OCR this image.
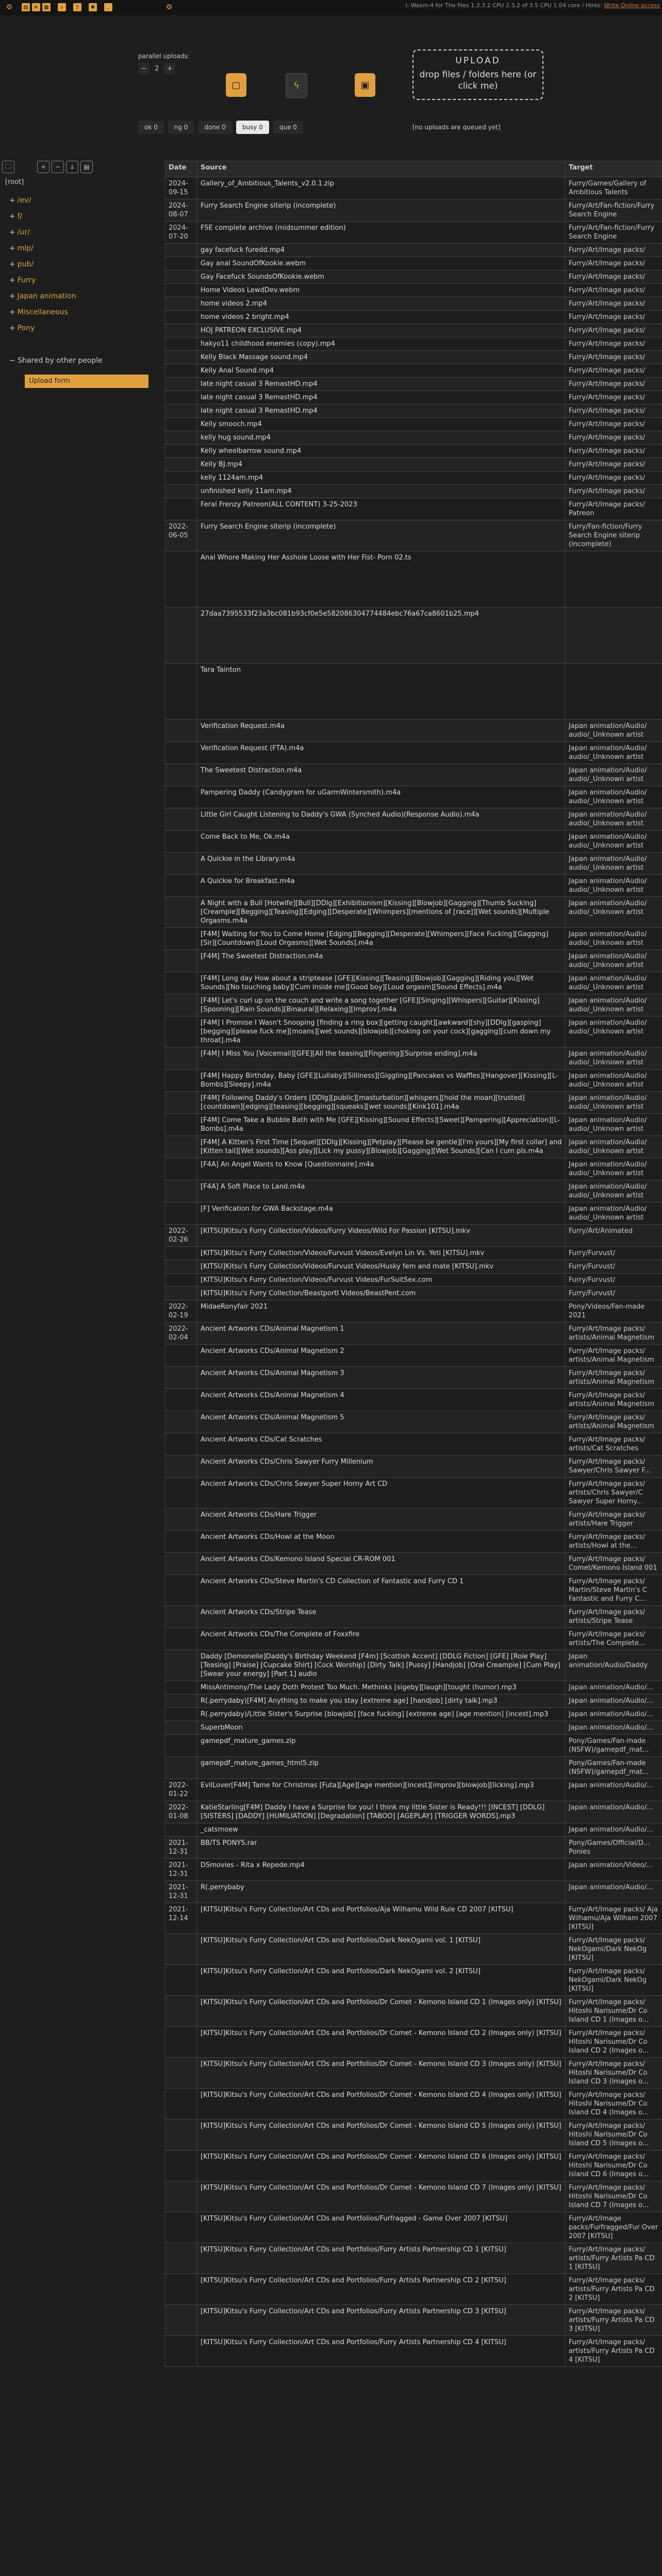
⚙	▤	≡	▦	⌕	⇧	✱	🔒	⚙	I: Wasm-4 for The files 1.3.3.2 CPU 2.3.2 of 3.5 CPU 1.04 core / Hints: Write Online access
parallel uploads:
−	2	+
▢	ϟ	▣
UPLOAD
drop files / folders here (or click me)
ok 0	ng 0	done 0	busy 0	que 0	[no uploads are queued yet]
🗀	+	−	↓	▤
[root]
+ /ev/
+ f/
+ /ur/
+ mlp/
+ pub/
+ Furry
+ Japan animation
+ Miscellaneous
+ Pony
− Shared by other people
Upload form
Date	Source	Target
2024-09-15	Gallery_of_Ambitious_Talents_v2.0.1.zip	Furry/Games/Gallery of Ambitious Talents
2024-08-07	Furry Search Engine siterip (incomplete)	Furry/Art/Fan-fiction/Furry Search Engine
2024-07-20	FSE complete archive (midsummer edition)	Furry/Art/Fan-fiction/Furry Search Engine
	gay facefuck furedd.mp4	Furry/Art/Image packs/
	Gay anal SoundOfKookie.webm	Furry/Art/Image packs/
	Gay Facefuck SoundsOfKookie.webm	Furry/Art/Image packs/
	Home Videos LewdDev.webm	Furry/Art/Image packs/
	home videos 2.mp4	Furry/Art/Image packs/
	home videos 2 bright.mp4	Furry/Art/Image packs/
	HOJ PATREON EXCLUSIVE.mp4	Furry/Art/Image packs/
	hakyo11 childhood enemies (copy).mp4	Furry/Art/Image packs/
	Kelly Black Massage sound.mp4	Furry/Art/Image packs/
	Kelly Anal Sound.mp4	Furry/Art/Image packs/
	late night casual 3 RemastHD.mp4	Furry/Art/Image packs/
	late night casual 3 RemastHD.mp4	Furry/Art/Image packs/
	late night casual 3 RemastHD.mp4	Furry/Art/Image packs/
	Kelly smooch.mp4	Furry/Art/Image packs/
	kelly hug sound.mp4	Furry/Art/Image packs/
	Kelly wheelbarrow sound.mp4	Furry/Art/Image packs/
	Kelly BJ.mp4	Furry/Art/Image packs/
	kelly 1124am.mp4	Furry/Art/Image packs/
	unfinished kelly 11am.mp4	Furry/Art/Image packs/
	Feral Frenzy Patreon(ALL CONTENT) 3-25-2023	Furry/Art/Image packs/ Patreon
2022-06-05	Furry Search Engine siterip (incomplete)	Furry/Fan-fiction/Furry Search Engine siterip (incomplete)
	Anal Whore Making Her Asshole Loose with Her Fist- Porn 02.ts	
	27daa7395533f23a3bc081b93cf0e5e582086304774484ebc76a67ca8601b25.mp4	
	Tara Tainton	
	Verification Request.m4a	Japan animation/Audio/ audio/_Unknown artist
	Verification Request (FTA).m4a	Japan animation/Audio/ audio/_Unknown artist
	The Sweetest Distraction.m4a	Japan animation/Audio/ audio/_Unknown artist
	Pampering Daddy (Candygram for uGarmWintersmith).m4a	Japan animation/Audio/ audio/_Unknown artist
	Little Girl Caught Listening to Daddy's GWA (Synched Audio)(Response Audio).m4a	Japan animation/Audio/ audio/_Unknown artist
	Come Back to Me, Ok.m4a	Japan animation/Audio/ audio/_Unknown artist
	A Quickie in the Library.m4a	Japan animation/Audio/ audio/_Unknown artist
	A Quickie for Breakfast.m4a	Japan animation/Audio/ audio/_Unknown artist
	A Night with a Bull [Hotwife][Bull][DDlg][Exhibitionism][Kissing][Blowjob][Gagging][Thumb Sucking][Creampie][Begging][Teasing][Edging][Desperate][Whimpers][mentions of [race]][Wet sounds][Multiple Orgasms.m4a	Japan animation/Audio/ audio/_Unknown artist
	[F4M] Waiting for You to Come Home [Edging][Begging][Desperate][Whimpers][Face Fucking][Gagging][Sir][Countdown][Loud Orgasms][Wet Sounds].m4a	Japan animation/Audio/ audio/_Unknown artist
	[F4M] The Sweetest Distraction.m4a	Japan animation/Audio/ audio/_Unknown artist
	[F4M] Long day How about a striptease [GFE][Kissing][Teasing][Blowjob][Gagging][Riding you][Wet Sounds][No touching baby][Cum inside me][Good boy][Loud orgasm][Sound Effects].m4a	Japan animation/Audio/ audio/_Unknown artist
	[F4M] Let's curl up on the couch and write a song together [GFE][Singing][Whispers][Guitar][Kissing][Spooning][Rain Sounds][Binaural][Relaxing][Improv].m4a	Japan animation/Audio/ audio/_Unknown artist
	[F4M] I Promise I Wasn't Snooping [finding a ring box][getting caught][awkward][shy][DDlg][gasping][begging][please fuck me][moans][wet sounds][blowjob][choking on your cock][gagging][cum down my throat].m4a	Japan animation/Audio/ audio/_Unknown artist
	[F4M] I Miss You [Voicemail][GFE][All the teasing][Fingering][Surprise ending].m4a	Japan animation/Audio/ audio/_Unknown artist
	[F4M] Happy Birthday, Baby [GFE][Lullaby][Silliness][Giggling][Pancakes vs Waffles][Hangover][Kissing][L-Bombs][Sleepy].m4a	Japan animation/Audio/ audio/_Unknown artist
	[F4M] Following Daddy's Orders [DDlg][public][masturbation][whispers][hold the moan][trusted][countdown][edging][teasing][begging][squeaks][wet sounds][Kink101].m4a	Japan animation/Audio/ audio/_Unknown artist
	[F4M] Come Take a Bubble Bath with Me [GFE][Kissing][Sound Effects][Sweet][Pampering][Appreciation][L-Bombs].m4a	Japan animation/Audio/ audio/_Unknown artist
	[F4M] A Kitten's First Time [Sequel][DDlg][Kissing][Petplay][Please be gentle][I'm yours][My first collar] and [Kitten tail][Wet sounds][Ass play][Lick my pussy][Blowjob][Gagging][Wet Sounds][Can I cum pls.m4a	Japan animation/Audio/ audio/_Unknown artist
	[F4A] An Angel Wants to Know [Questionnaire].m4a	Japan animation/Audio/ audio/_Unknown artist
	[F4A] A Soft Place to Land.m4a	Japan animation/Audio/ audio/_Unknown artist
	[F] Verification for GWA Backstage.m4a	Japan animation/Audio/ audio/_Unknown artist
2022-02-26	[KITSU]Kitsu's Furry Collection/Videos/Furry Videos/Wild For Passion [KITSU].mkv	Furry/Art/Animated
	[KITSU]Kitsu's Furry Collection/Videos/Furvust Videos/Evelyn Lin Vs. Yeti [KITSU].mkv	Furry/Furvust/
	[KITSU]Kitsu's Furry Collection/Videos/Furvust Videos/Husky fem and mate [KITSU].mkv	Furry/Furvust/
	[KITSU]Kitsu's Furry Collection/Videos/Furvust Videos/FurSuitSex.com	Furry/Furvust/
	[KITSU]Kitsu's Furry Collection/BeastportI Videos/BeastPent.com	Furry/Furvust/
2022-02-19	MidaeRonyfair 2021	Pony/Videos/Fan-made 2021
2022-02-04	Ancient Artworks CDs/Animal Magnetism 1	Furry/Art/Image packs/ artists/Animal Magnetism
	Ancient Artworks CDs/Animal Magnetism 2	Furry/Art/Image packs/ artists/Animal Magnetism
	Ancient Artworks CDs/Animal Magnetism 3	Furry/Art/Image packs/ artists/Animal Magnetism
	Ancient Artworks CDs/Animal Magnetism 4	Furry/Art/Image packs/ artists/Animal Magnetism
	Ancient Artworks CDs/Animal Magnetism 5	Furry/Art/Image packs/ artists/Animal Magnetism
	Ancient Artworks CDs/Cat Scratches	Furry/Art/Image packs/ artists/Cat Scratches
	Ancient Artworks CDs/Chris Sawyer Furry Millenium	Furry/Art/Image packs/ Sawyer/Chris Sawyer F...
	Ancient Artworks CDs/Chris Sawyer Super Horny Art CD	Furry/Art/Image packs/ artists/Chris Sawyer/C Sawyer Super Horny...
	Ancient Artworks CDs/Hare Trigger	Furry/Art/Image packs/ artists/Hare Trigger
	Ancient Artworks CDs/Howl at the Moon	Furry/Art/Image packs/ artists/Howl at the...
	Ancient Artworks CDs/Kemono Island Special CR-ROM 001	Furry/Art/Image packs/ Comet/Kemono Island 001
	Ancient Artworks CDs/Steve Martin's CD Collection of Fantastic and Furry CD 1	Furry/Art/Image packs/ Martin/Steve Martin's C Fantastic and Furry C...
	Ancient Artworks CDs/Stripe Tease	Furry/Art/Image packs/ artists/Stripe Tease
	Ancient Artworks CDs/The Complete of Foxxfire	Furry/Art/Image packs/ artists/The Complete...
	Daddy [Demonelle]Daddy's Birthday Weekend [F4m] [Scottish Accent] [DDLG Fiction] [GFE] [Role Play] [Teasing] [Praise] [Cupcake Shirt] [Cock Worship] [Dirty Talk] [Pussy] [Handjob] [Oral Creampie] [Cum Play] [Swear your energy] [Part 1] audio	Japan animation/Audio/Daddy
	MissAntimony/The Lady Doth Protest Too Much. Methinks [sigeby][laugh][tought (humor).mp3	Japan animation/Audio/...
	R(.perrydaby)[F4M] Anything to make you stay [extreme age] [handjob] [dirty talk].mp3	Japan animation/Audio/...
	R(.perrydaby)/Little Sister's Surprise [blowjob] [face fucking] [extreme age] [age mention] [incest].mp3	Japan animation/Audio/...
	SuperbMoon	Japan animation/Audio/...
	gamepdf_mature_games.zip	Pony/Games/Fan-made (NSFW)/gamepdf_mat...
	gamepdf_mature_games_html5.zip	Pony/Games/Fan-made (NSFW)/gamepdf_mat...
2022-01-22	EvilLover[F4M] Tame for Christmas [Futa][Age][age mention][incest][improv][blowjob][licking].mp3	Japan animation/Audio/...
2022-01-08	KatieStarling[F4M] Daddy I have a Surprise for you! I think my little Sister is Ready!!! [INCEST] [DDLG] [SISTERS] [DADDY] [HUMILIATION] [Degradation] [TABOO] [AGEPLAY] [TRIGGER WORDS].mp3	Japan animation/Audio/...
	_catsmoew	Japan animation/Audio/...
2021-12-31	BB/TS PONYS.rar	Pony/Games/Official/D... Ponies
2021-12-31	DSmovies - Rita x Repede.mp4	Japan animation/Video/...
2021-12-31	R(.perrybaby	Japan animation/Audio/...
2021-12-14	[KITSU]Kitsu's Furry Collection/Art CDs and Portfolios/Aja Wilhamu Wild Rule CD 2007 [KITSU]	Furry/Art/Image packs/ Aja Wilhamu/Aja Wilham 2007 [KITSU]
	[KITSU]Kitsu's Furry Collection/Art CDs and Portfolios/Dark NekOgami vol. 1 [KITSU]	Furry/Art/Image packs/ NekOgami/Dark NekOg [KITSU]
	[KITSU]Kitsu's Furry Collection/Art CDs and Portfolios/Dark NekOgami vol. 2 [KITSU]	Furry/Art/Image packs/ NekOgami/Dark NekOg [KITSU]
	[KITSU]Kitsu's Furry Collection/Art CDs and Portfolios/Dr Comet - Kemono Island CD 1 (Images only) [KITSU]	Furry/Art/Image packs/ Hitoshi Narisume/Dr Co Island CD 1 (Images o...
	[KITSU]Kitsu's Furry Collection/Art CDs and Portfolios/Dr Comet - Kemono Island CD 2 (Images only) [KITSU]	Furry/Art/Image packs/ Hitoshi Narisume/Dr Co Island CD 2 (Images o...
	[KITSU]Kitsu's Furry Collection/Art CDs and Portfolios/Dr Comet - Kemono Island CD 3 (Images only) [KITSU]	Furry/Art/Image packs/ Hitoshi Narisume/Dr Co Island CD 3 (Images o...
	[KITSU]Kitsu's Furry Collection/Art CDs and Portfolios/Dr Comet - Kemono Island CD 4 (Images only) [KITSU]	Furry/Art/Image packs/ Hitoshi Narisume/Dr Co Island CD 4 (Images o...
	[KITSU]Kitsu's Furry Collection/Art CDs and Portfolios/Dr Comet - Kemono Island CD 5 (Images only) [KITSU]	Furry/Art/Image packs/ Hitoshi Narisume/Dr Co Island CD 5 (Images o...
	[KITSU]Kitsu's Furry Collection/Art CDs and Portfolios/Dr Comet - Kemono Island CD 6 (Images only) [KITSU]	Furry/Art/Image packs/ Hitoshi Narisume/Dr Co Island CD 6 (Images o...
	[KITSU]Kitsu's Furry Collection/Art CDs and Portfolios/Dr Comet - Kemono Island CD 7 (Images only) [KITSU]	Furry/Art/Image packs/ Hitoshi Narisume/Dr Co Island CD 7 (Images o...
	[KITSU]Kitsu's Furry Collection/Art CDs and Portfolios/Furfragged - Game Over 2007 [KITSU]	Furry/Art/Image packs/Furfragged/Fur Over 2007 [KITSU]
	[KITSU]Kitsu's Furry Collection/Art CDs and Portfolios/Furry Artists Partnership CD 1 [KITSU]	Furry/Art/Image packs/ artists/Furry Artists Pa CD 1 [KITSU]
	[KITSU]Kitsu's Furry Collection/Art CDs and Portfolios/Furry Artists Partnership CD 2 [KITSU]	Furry/Art/Image packs/ artists/Furry Artists Pa CD 2 [KITSU]
	[KITSU]Kitsu's Furry Collection/Art CDs and Portfolios/Furry Artists Partnership CD 3 [KITSU]	Furry/Art/Image packs/ artists/Furry Artists Pa CD 3 [KITSU]
	[KITSU]Kitsu's Furry Collection/Art CDs and Portfolios/Furry Artists Partnership CD 4 [KITSU]	Furry/Art/Image packs/ artists/Furry Artists Pa CD 4 [KITSU]
